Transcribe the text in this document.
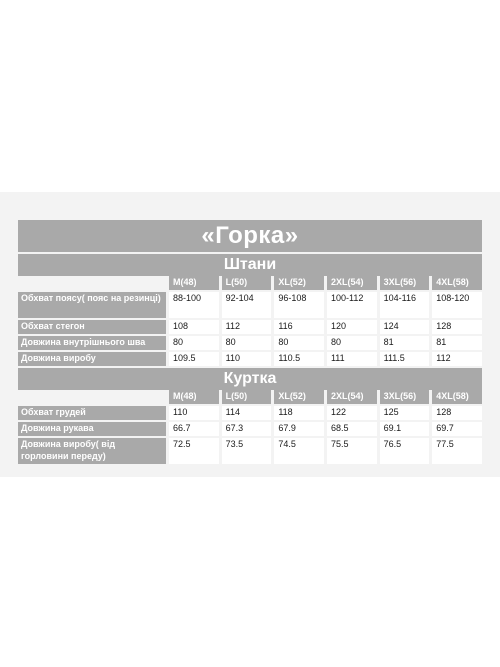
«Горка»
Штани
	M(48)	L(50)	XL(52)	2XL(54)	3XL(56)	4XL(58)
Обхват поясу( пояс на резинці)	88-100	92-104	96-108	100-112	104-116	108-120
Обхват стегон	108	112	116	120	124	128
Довжина внутрішнього шва	80	80	80	80	81	81
Довжина виробу	109.5	110	110.5	111	111.5	112
Куртка
	M(48)	L(50)	XL(52)	2XL(54)	3XL(56)	4XL(58)
Обхват грудей	110	114	118	122	125	128
Довжина рукава	66.7	67.3	67.9	68.5	69.1	69.7
Довжина виробу( від горловини переду)	72.5	73.5	74.5	75.5	76.5	77.5
